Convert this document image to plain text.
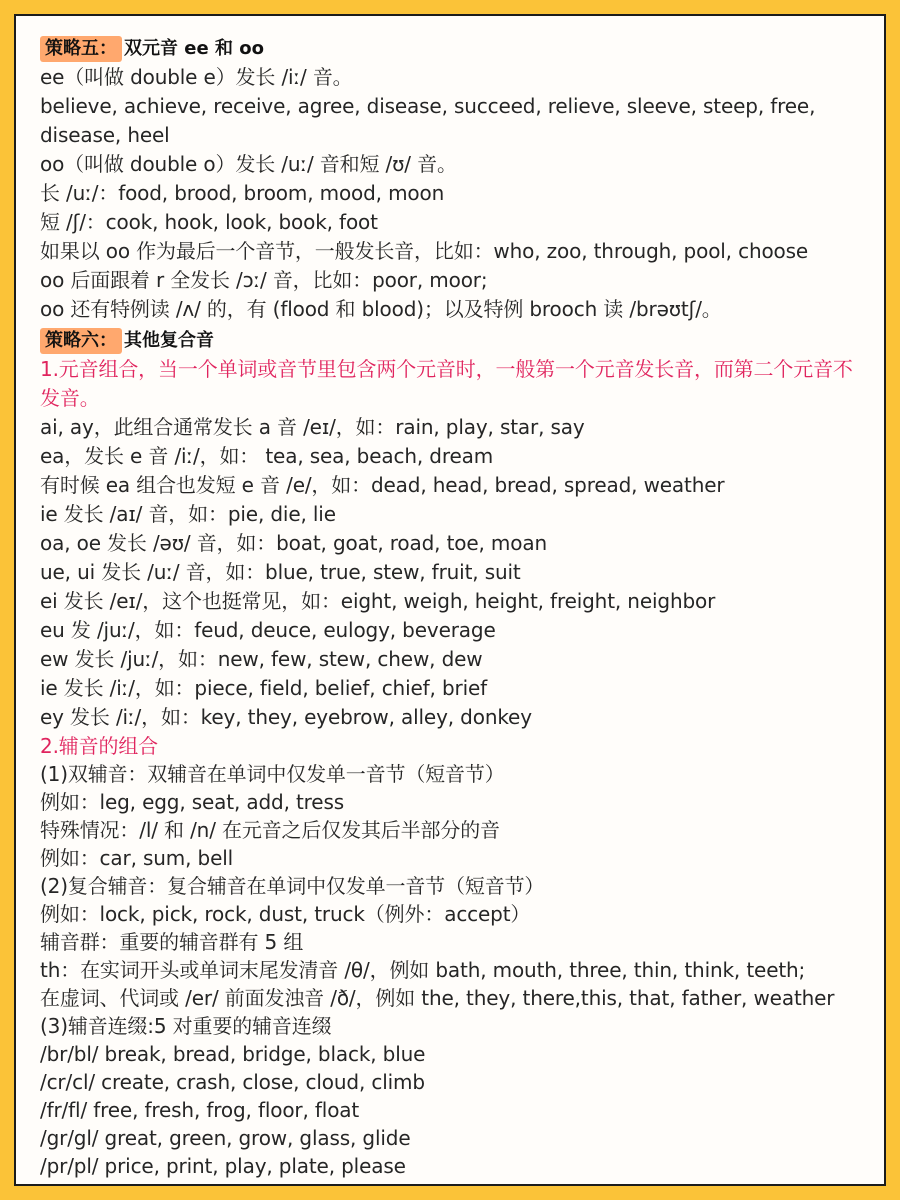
策略五： 双元音 ee 和 oo
ee（叫做 double e）发长 /iː/ 音。
believe, achieve, receive, agree, disease, succeed, relieve, sleeve, steep, free, disease, heel
oo（叫做 double o）发长 /uː/ 音和短 /ʊ/ 音。
长 /uː/：food, brood, broom, mood, moon
短 /ʃ/：cook, hook, look, book, foot
如果以 oo 作为最后一个音节，一般发长音，比如：who, zoo, through, pool, choose
oo 后面跟着 r 全发长 /ɔː/ 音，比如：poor, moor;
oo 还有特例读 /ʌ/ 的，有 (flood 和 blood)；以及特例 brooch 读 /brəʊtʃ/。
策略六： 其他复合音
1.元音组合，当一个单词或音节里包含两个元音时，一般第一个元音发长音，而第二个元音不发音。
ai, ay，此组合通常发长 a 音 /eɪ/，如：rain, play, star, say
ea，发长 e 音 /iː/，如： tea, sea, beach, dream
有时候 ea 组合也发短 e 音 /e/，如：dead, head, bread, spread, weather
ie 发长 /aɪ/ 音，如：pie, die, lie
oa, oe 发长 /əʊ/ 音，如：boat, goat, road, toe, moan
ue, ui 发长 /uː/ 音，如：blue, true, stew, fruit, suit
ei 发长 /eɪ/，这个也挺常见，如：eight, weigh, height, freight, neighbor
eu 发 /juː/，如：feud, deuce, eulogy, beverage
ew 发长 /juː/，如：new, few, stew, chew, dew
ie 发长 /iː/，如：piece, field, belief, chief, brief
ey 发长 /iː/，如：key, they, eyebrow, alley, donkey
2.辅音的组合
(1)双辅音：双辅音在单词中仅发单一音节（短音节）
例如：leg, egg, seat, add, tress
特殊情况：/l/ 和 /n/ 在元音之后仅发其后半部分的音
例如：car, sum, bell
(2)复合辅音：复合辅音在单词中仅发单一音节（短音节）
例如：lock, pick, rock, dust, truck（例外：accept）
辅音群：重要的辅音群有 5 组
th：在实词开头或单词末尾发清音 /θ/，例如 bath, mouth, three, thin, think, teeth;
在虚词、代词或 /er/ 前面发浊音 /ð/，例如 the, they, there,this, that, father, weather
(3)辅音连缀:5 对重要的辅音连缀
/br/bl/ break, bread, bridge, black, blue
/cr/cl/ create, crash, close, cloud, climb
/fr/fl/ free, fresh, frog, floor, float
/gr/gl/ great, green, grow, glass, glide
/pr/pl/ price, print, play, plate, please
